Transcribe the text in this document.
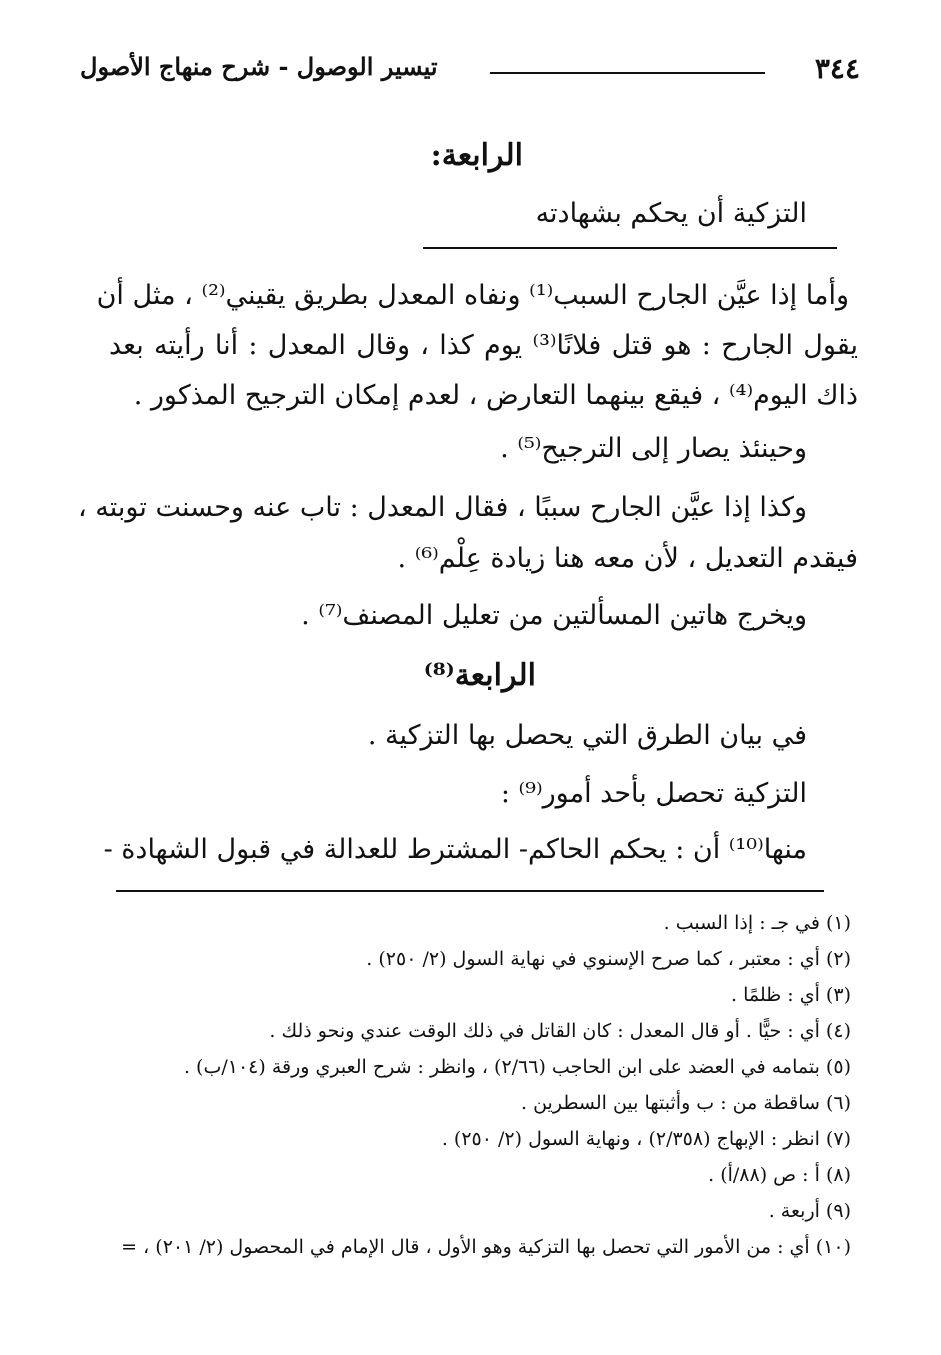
٣٤٤
تيسير الوصول - شرح منهاج الأصول
الرابعة:
التزكية أن يحكم بشهادته
وأما إذا عيَّن الجارح السبب⁽¹⁾ ونفاه المعدل بطريق يقيني⁽²⁾ ، مثل أن
يقول الجارح : هو قتل فلانًا⁽³⁾ يوم كذا ، وقال المعدل : أنا رأيته بعد
ذاك اليوم⁽⁴⁾ ، فيقع بينهما التعارض ، لعدم إمكان الترجيح المذكور .
وحينئذ يصار إلى الترجيح⁽⁵⁾ .
وكذا إذا عيَّن الجارح سببًا ، فقال المعدل : تاب عنه وحسنت توبته ،
فيقدم التعديل ، لأن معه هنا زيادة عِلْم⁽⁶⁾ .
ويخرج هاتين المسألتين من تعليل المصنف⁽⁷⁾ .
الرابعة⁽⁸⁾
في بيان الطرق التي يحصل بها التزكية .
التزكية تحصل بأحد أمور⁽⁹⁾ :
منها⁽¹⁰⁾ أن : يحكم الحاكم- المشترط للعدالة في قبول الشهادة -
(١) في جـ : إذا السبب .
(٢) أي : معتبر ، كما صرح الإسنوي في نهاية السول (٢/ ٢٥٠) .
(٣) أي : ظلمًا .
(٤) أي : حيًّا . أو قال المعدل : كان القاتل في ذلك الوقت عندي ونحو ذلك .
(٥) بتمامه في العضد على ابن الحاجب (٢/٦٦) ، وانظر : شرح العبري ورقة (١٠٤/ب) .
(٦) ساقطة من : ب وأثبتها بين السطرين .
(٧) انظر : الإبهاج (٢/٣٥٨) ، ونهاية السول (٢/ ٢٥٠) .
(٨) أ : ص (٨٨/أ) .
(٩) أربعة .
(١٠) أي : من الأمور التي تحصل بها التزكية وهو الأول ، قال الإمام في المحصول (٢/ ٢٠١) ، =
